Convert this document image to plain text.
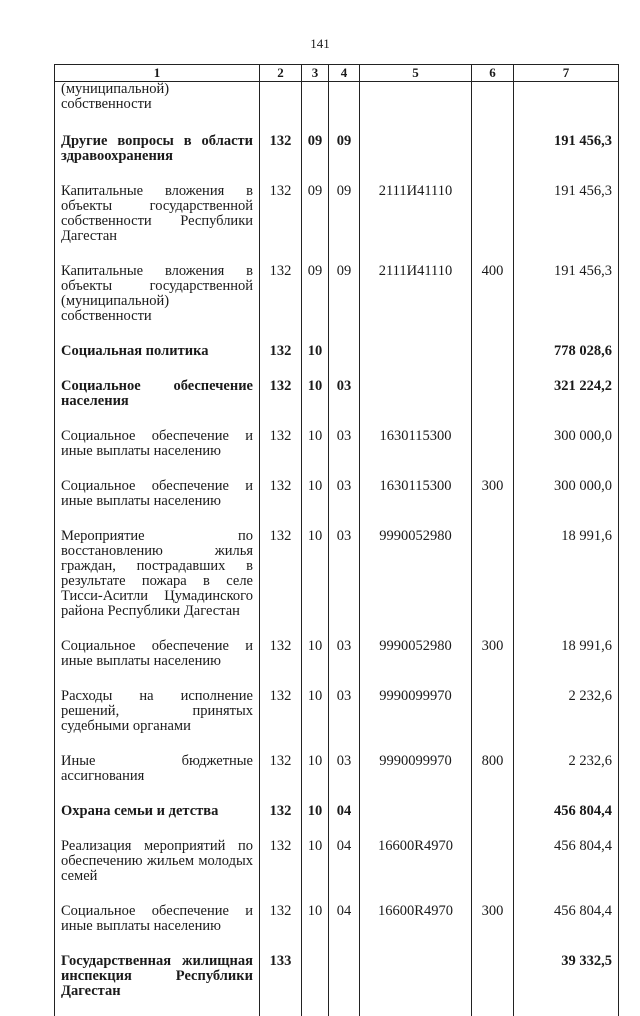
141
1	2	3	4	5	6	7
(муниципальной) собственности						
Другие вопросы в области здравоохранения	132	09	09			191 456,3
Капитальные вложения в объекты государственной собственности Республики Дагестан	132	09	09	2111И41110		191 456,3
Капитальные вложения в объекты государственной (муниципальной) собственности	132	09	09	2111И41110	400	191 456,3
Социальная политика	132	10				778 028,6
Социальное обеспечение населения	132	10	03			321 224,2
Социальное обеспечение и иные выплаты населению	132	10	03	1630115300		300 000,0
Социальное обеспечение и иные выплаты населению	132	10	03	1630115300	300	300 000,0
Мероприятие по восстановлению жилья граждан, пострадавших в результате пожара в селе Тисси-Аситли Цумадинского района Республики Дагестан	132	10	03	9990052980		18 991,6
Социальное обеспечение и иные выплаты населению	132	10	03	9990052980	300	18 991,6
Расходы на исполнение решений, принятых судебными органами	132	10	03	9990099970		2 232,6
Иные бюджетные ассигнования	132	10	03	9990099970	800	2 232,6
Охрана семьи и детства	132	10	04			456 804,4
Реализация мероприятий по обеспечению жильем молодых семей	132	10	04	16600R4970		456 804,4
Социальное обеспечение и иные выплаты населению	132	10	04	16600R4970	300	456 804,4
Государственная жилищная инспекция Республики Дагестан	133					39 332,5
